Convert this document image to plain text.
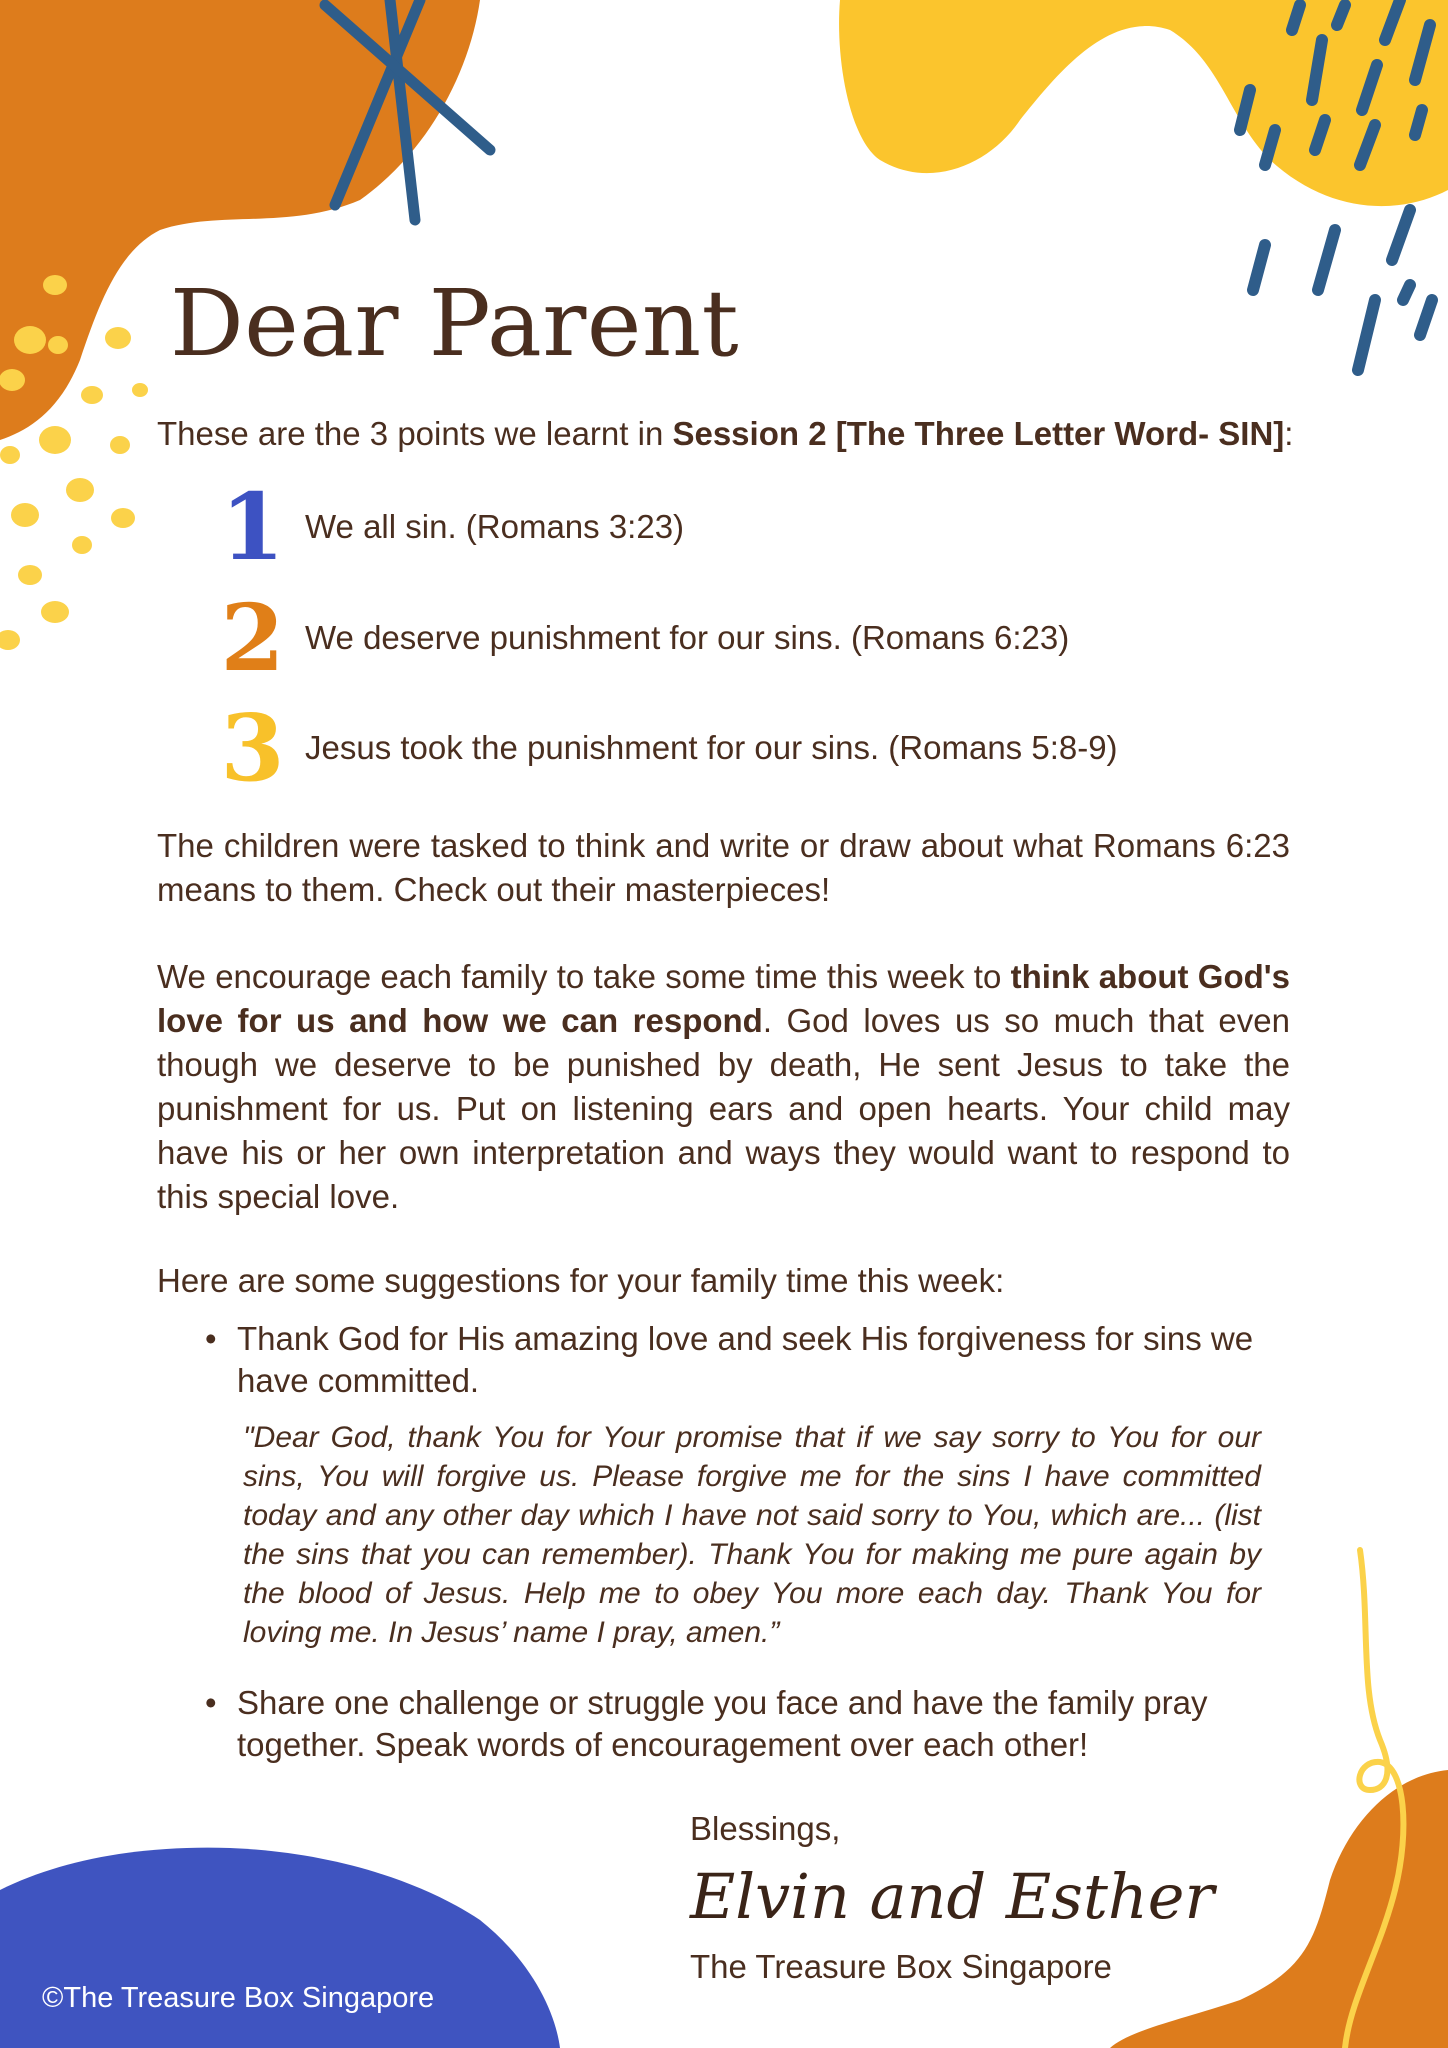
Dear Parent
These are the 3 points we learnt in Session 2 [The Three Letter Word- SIN]:
1 We all sin. (Romans 3:23)
2 We deserve punishment for our sins. (Romans 6:23)
3 Jesus took the punishment for our sins. (Romans 5:8-9)
The children were tasked to think and write or draw about what Romans 6:23 means to them. Check out their masterpieces!
We encourage each family to take some time this week to think about God's love for us and how we can respond. God loves us so much that even though we deserve to be punished by death, He sent Jesus to take the punishment for us. Put on listening ears and open hearts. Your child may have his or her own interpretation and ways they would want to respond to this special love.
Here are some suggestions for your family time this week:
• Thank God for His amazing love and seek His forgiveness for sins we have committed.
"Dear God, thank You for Your promise that if we say sorry to You for our sins, You will forgive us. Please forgive me for the sins I have committed today and any other day which I have not said sorry to You, which are... (list the sins that you can remember). Thank You for making me pure again by the blood of Jesus. Help me to obey You more each day. Thank You for loving me. In Jesus’ name I pray, amen.”
• Share one challenge or struggle you face and have the family pray together. Speak words of encouragement over each other!
Blessings,
Elvin and Esther
The Treasure Box Singapore
©The Treasure Box Singapore
